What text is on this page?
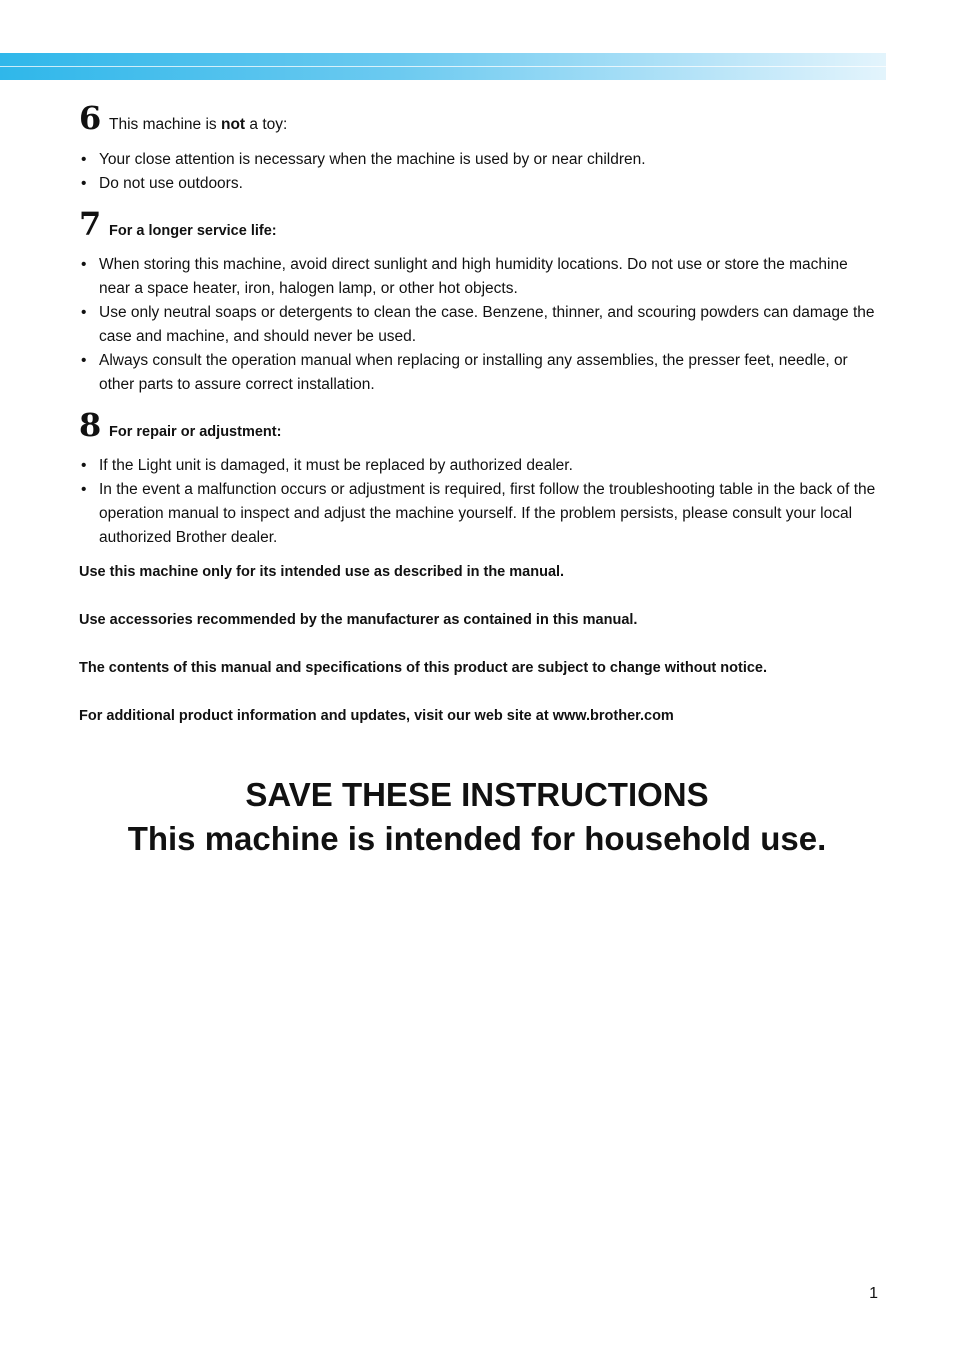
6 This machine is not a toy:
• Your close attention is necessary when the machine is used by or near children.
• Do not use outdoors.
7 For a longer service life:
• When storing this machine, avoid direct sunlight and high humidity locations. Do not use or store the machine near a space heater, iron, halogen lamp, or other hot objects.
• Use only neutral soaps or detergents to clean the case. Benzene, thinner, and scouring powders can damage the case and machine, and should never be used.
• Always consult the operation manual when replacing or installing any assemblies, the presser feet, needle, or other parts to assure correct installation.
8 For repair or adjustment:
• If the Light unit is damaged, it must be replaced by authorized dealer.
• In the event a malfunction occurs or adjustment is required, first follow the troubleshooting table in the back of the operation manual to inspect and adjust the machine yourself. If the problem persists, please consult your local authorized Brother dealer.

Use this machine only for its intended use as described in the manual.

Use accessories recommended by the manufacturer as contained in this manual.

The contents of this manual and specifications of this product are subject to change without notice.

For additional product information and updates, visit our web site at www.brother.com

SAVE THESE INSTRUCTIONS
This machine is intended for household use.
1
